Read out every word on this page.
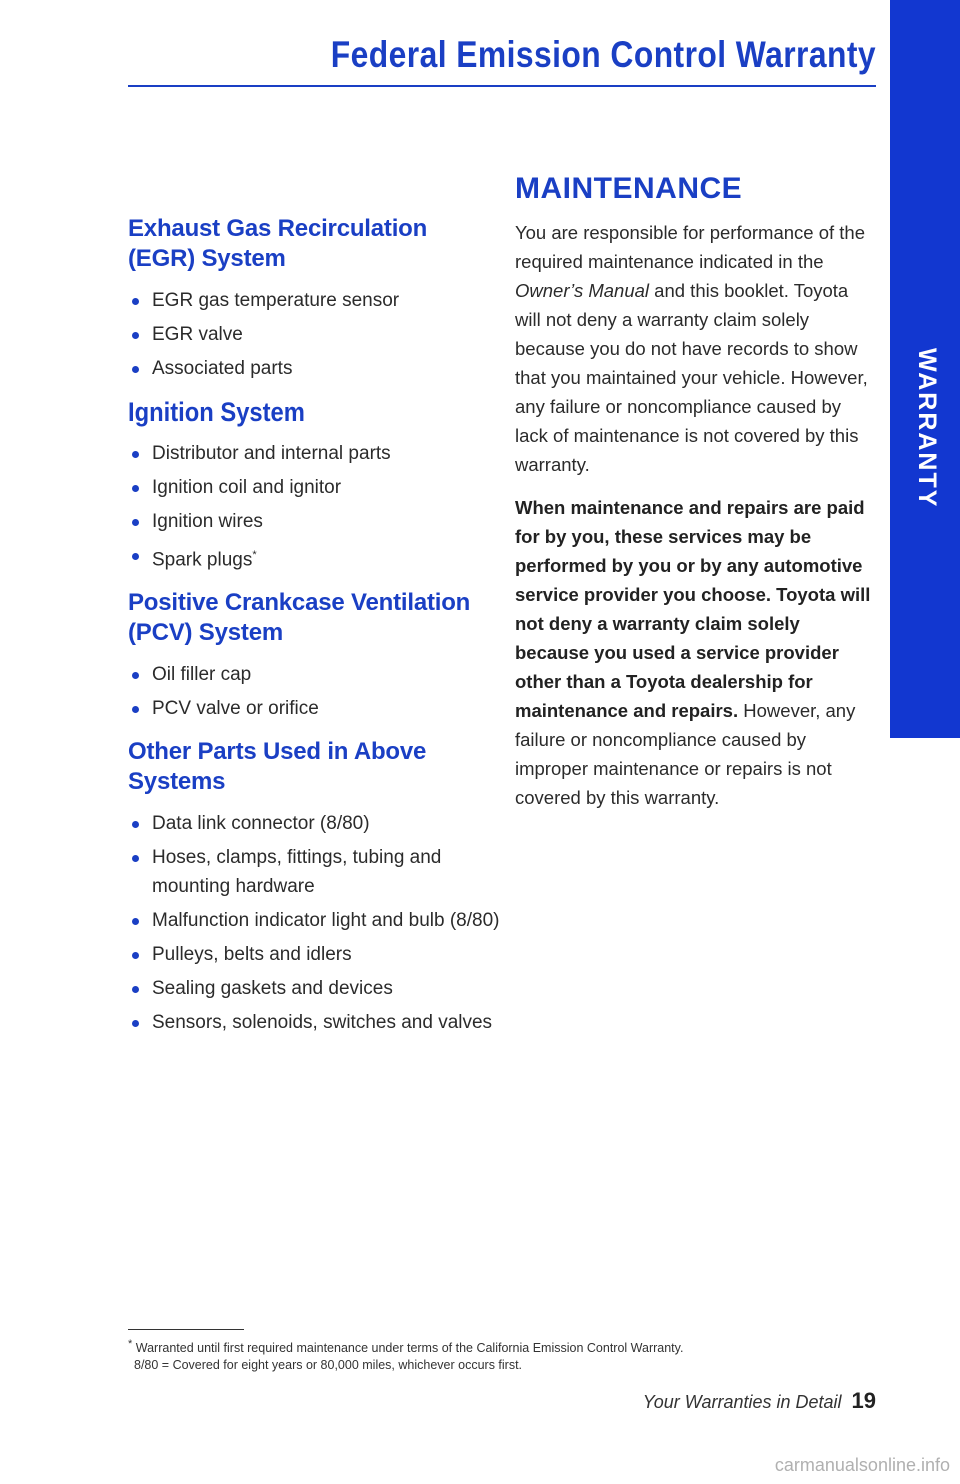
Federal Emission Control Warranty
Exhaust Gas Recirculation (EGR) System
EGR gas temperature sensor
EGR valve
Associated parts
Ignition System
Distributor and internal parts
Ignition coil and ignitor
Ignition wires
Spark plugs*
Positive Crankcase Ventilation (PCV) System
Oil filler cap
PCV valve or orifice
Other Parts Used in Above Systems
Data link connector (8/80)
Hoses, clamps, fittings, tubing and mounting hardware
Malfunction indicator light and bulb (8/80)
Pulleys, belts and idlers
Sealing gaskets and devices
Sensors, solenoids, switches and valves
MAINTENANCE

You are responsible for performance of the required maintenance indicated in the Owner’s Manual and this booklet. Toyota will not deny a warranty claim solely because you do not have records to show that you maintained your vehicle. However, any failure or noncompliance caused by lack of maintenance is not covered by this warranty.

When maintenance and repairs are paid for by you, these services may be performed by you or by any automotive service provider you choose. Toyota will not deny a warranty claim solely because you used a service provider other than a Toyota dealership for maintenance and repairs. However, any failure or noncompliance caused by improper maintenance or repairs is not covered by this warranty.

* Warranted until first required maintenance under terms of the California Emission Control Warranty.
8/80 = Covered for eight years or 80,000 miles, whichever occurs first.
Your Warranties in Detail 19
carmanualsonline.info
